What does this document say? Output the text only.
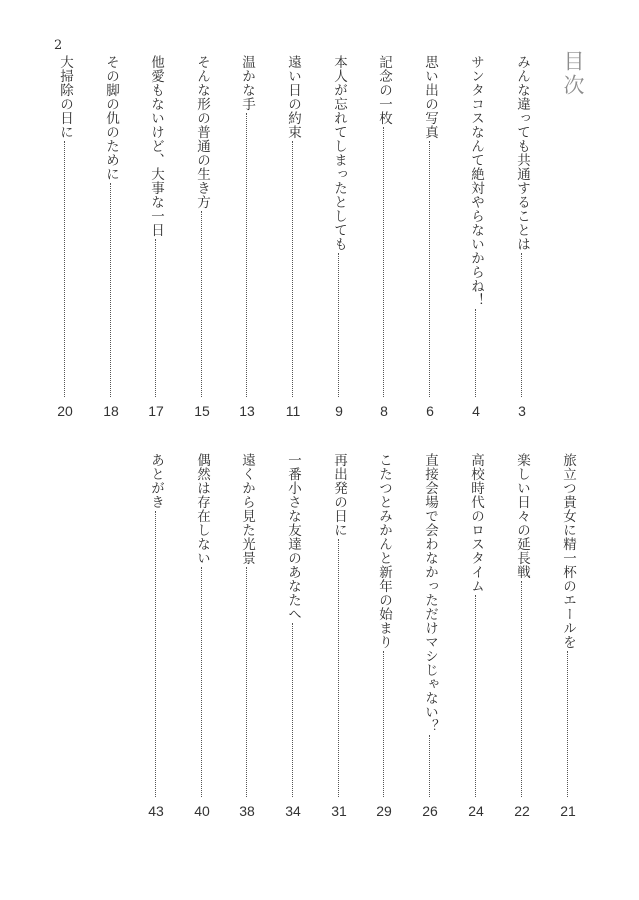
2
目次
みんな違っても共通することは
3
サンタコスなんて絶対やらないからね！
4
思い出の写真
6
記念の一枚
8
本人が忘れてしまったとしても
9
遠い日の約束
11
温かな手
13
そんな形の普通の生き方
15
他愛もないけど、大事な一日
17
その脚の仇のために
18
大掃除の日に
20
旅立つ貴女に精一杯のエールを
21
楽しい日々の延長戦
22
高校時代のロスタイム
24
直接会場で会わなかっただけマシじゃない？
26
こたつとみかんと新年の始まり
29
再出発の日に
31
一番小さな友達のあなたへ
34
遠くから見た光景
38
偶然は存在しない
40
あとがき
43
